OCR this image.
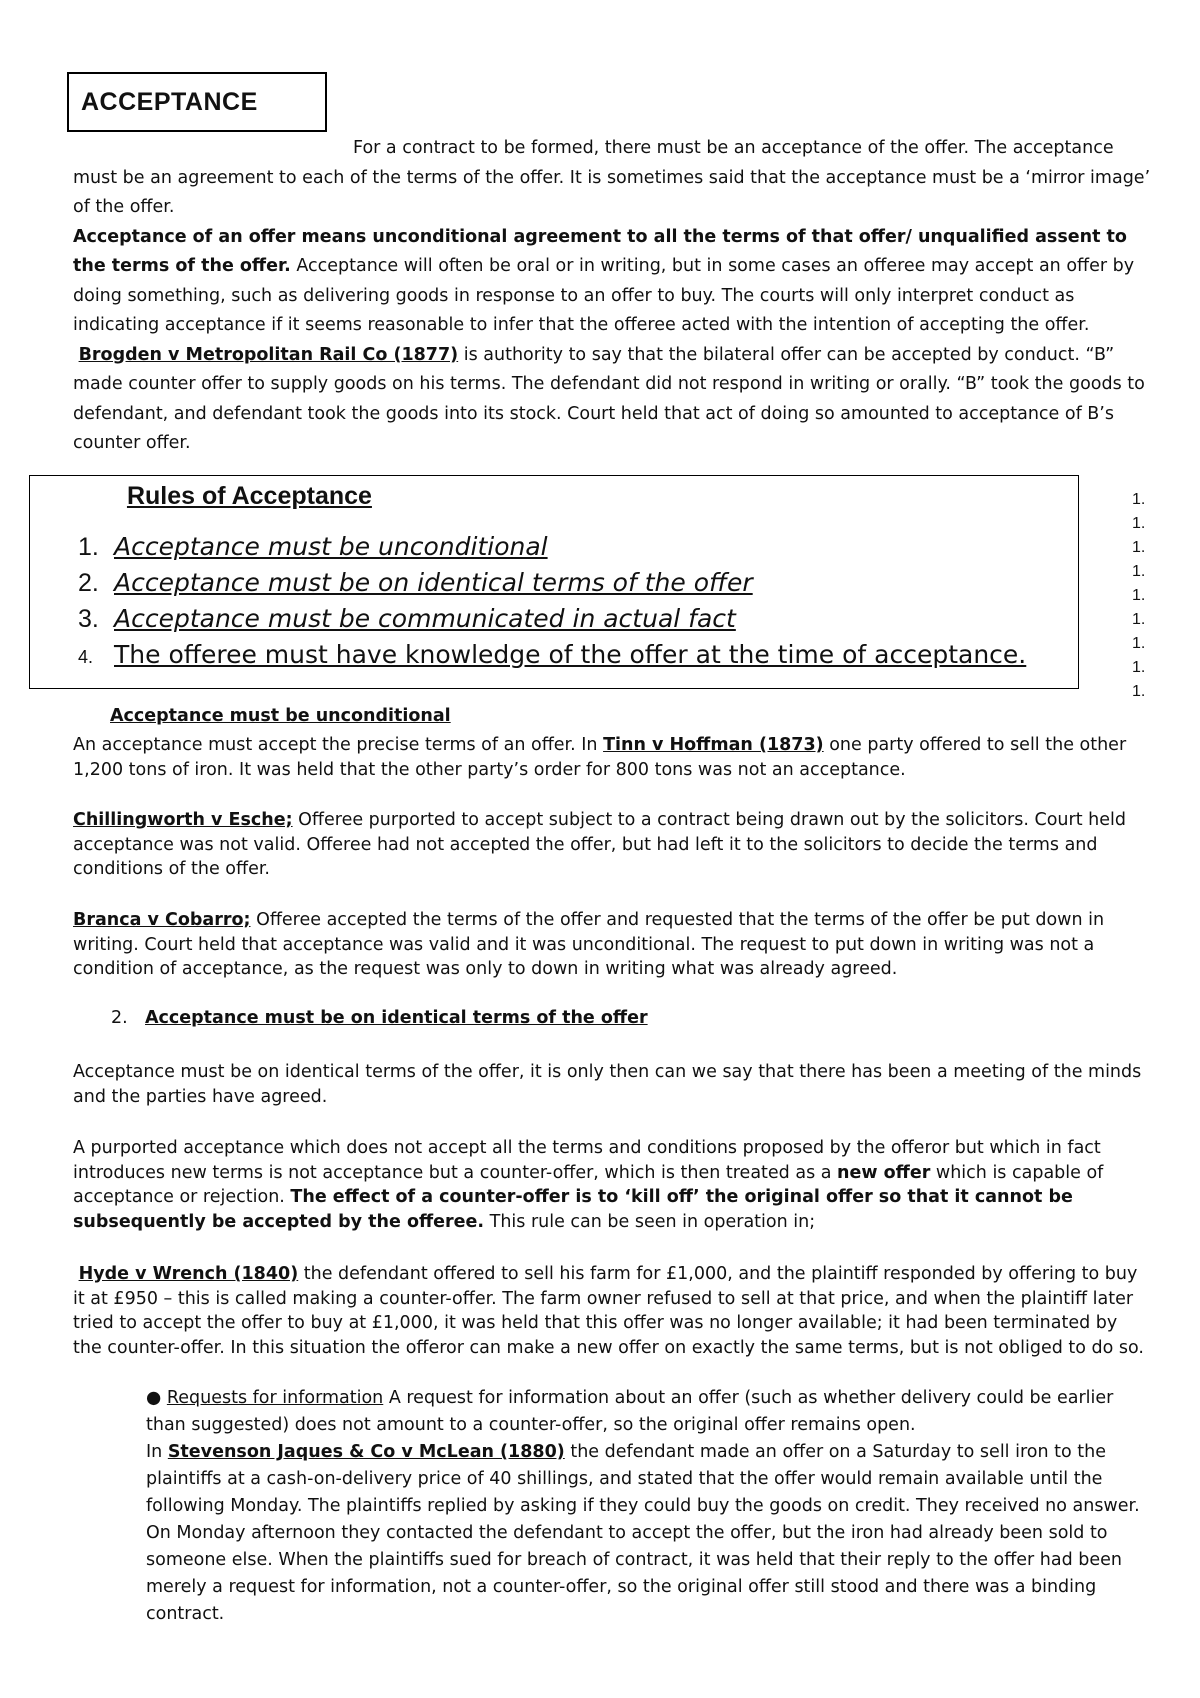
ACCEPTANCE

For a contract to be formed, there must be an acceptance of the offer. The acceptance must be an agreement to each of the terms of the offer. It is sometimes said that the acceptance must be a ‘mirror image’ of the offer.

Acceptance of an offer means unconditional agreement to all the terms of that offer/ unqualified assent to the terms of the offer. Acceptance will often be oral or in writing, but in some cases an offeree may accept an offer by doing something, such as delivering goods in response to an offer to buy. The courts will only interpret conduct as indicating acceptance if it seems reasonable to infer that the offeree acted with the intention of accepting the offer.

Brogden v Metropolitan Rail Co (1877) is authority to say that the bilateral offer can be accepted by conduct. “B” made counter offer to supply goods on his terms. The defendant did not respond in writing or orally. “B” took the goods to defendant, and defendant took the goods into its stock. Court held that act of doing so amounted to acceptance of B’s counter offer.

Rules of Acceptance
1. Acceptance must be unconditional
2. Acceptance must be on identical terms of the offer
3. Acceptance must be communicated in actual fact
4. The offeree must have knowledge of the offer at the time of acceptance.
1.
1.
1.
1.
1.
1.
1.
1.
1.
Acceptance must be unconditional

An acceptance must accept the precise terms of an offer. In Tinn v Hoffman (1873) one party offered to sell the other 1,200 tons of iron. It was held that the other party’s order for 800 tons was not an acceptance.

Chillingworth v Esche; Offeree purported to accept subject to a contract being drawn out by the solicitors. Court held acceptance was not valid. Offeree had not accepted the offer, but had left it to the solicitors to decide the terms and conditions of the offer.

Branca v Cobarro; Offeree accepted the terms of the offer and requested that the terms of the offer be put down in writing. Court held that acceptance was valid and it was unconditional. The request to put down in writing was not a condition of acceptance, as the request was only to down in writing what was already agreed.

2. Acceptance must be on identical terms of the offer

Acceptance must be on identical terms of the offer, it is only then can we say that there has been a meeting of the minds and the parties have agreed.

A purported acceptance which does not accept all the terms and conditions proposed by the offeror but which in fact introduces new terms is not acceptance but a counter-offer, which is then treated as a new offer which is capable of acceptance or rejection. The effect of a counter-offer is to ‘kill off’ the original offer so that it cannot be subsequently be accepted by the offeree. This rule can be seen in operation in;

Hyde v Wrench (1840) the defendant offered to sell his farm for £1,000, and the plaintiff responded by offering to buy it at £950 – this is called making a counter-offer. The farm owner refused to sell at that price, and when the plaintiff later tried to accept the offer to buy at £1,000, it was held that this offer was no longer available; it had been terminated by the counter-offer. In this situation the offeror can make a new offer on exactly the same terms, but is not obliged to do so.

● Requests for information A request for information about an offer (such as whether delivery could be earlier than suggested) does not amount to a counter-offer, so the original offer remains open.

In Stevenson Jaques & Co v McLean (1880) the defendant made an offer on a Saturday to sell iron to the plaintiffs at a cash-on-delivery price of 40 shillings, and stated that the offer would remain available until the following Monday. The plaintiffs replied by asking if they could buy the goods on credit. They received no answer. On Monday afternoon they contacted the defendant to accept the offer, but the iron had already been sold to someone else. When the plaintiffs sued for breach of contract, it was held that their reply to the offer had been merely a request for information, not a counter-offer, so the original offer still stood and there was a binding contract.
